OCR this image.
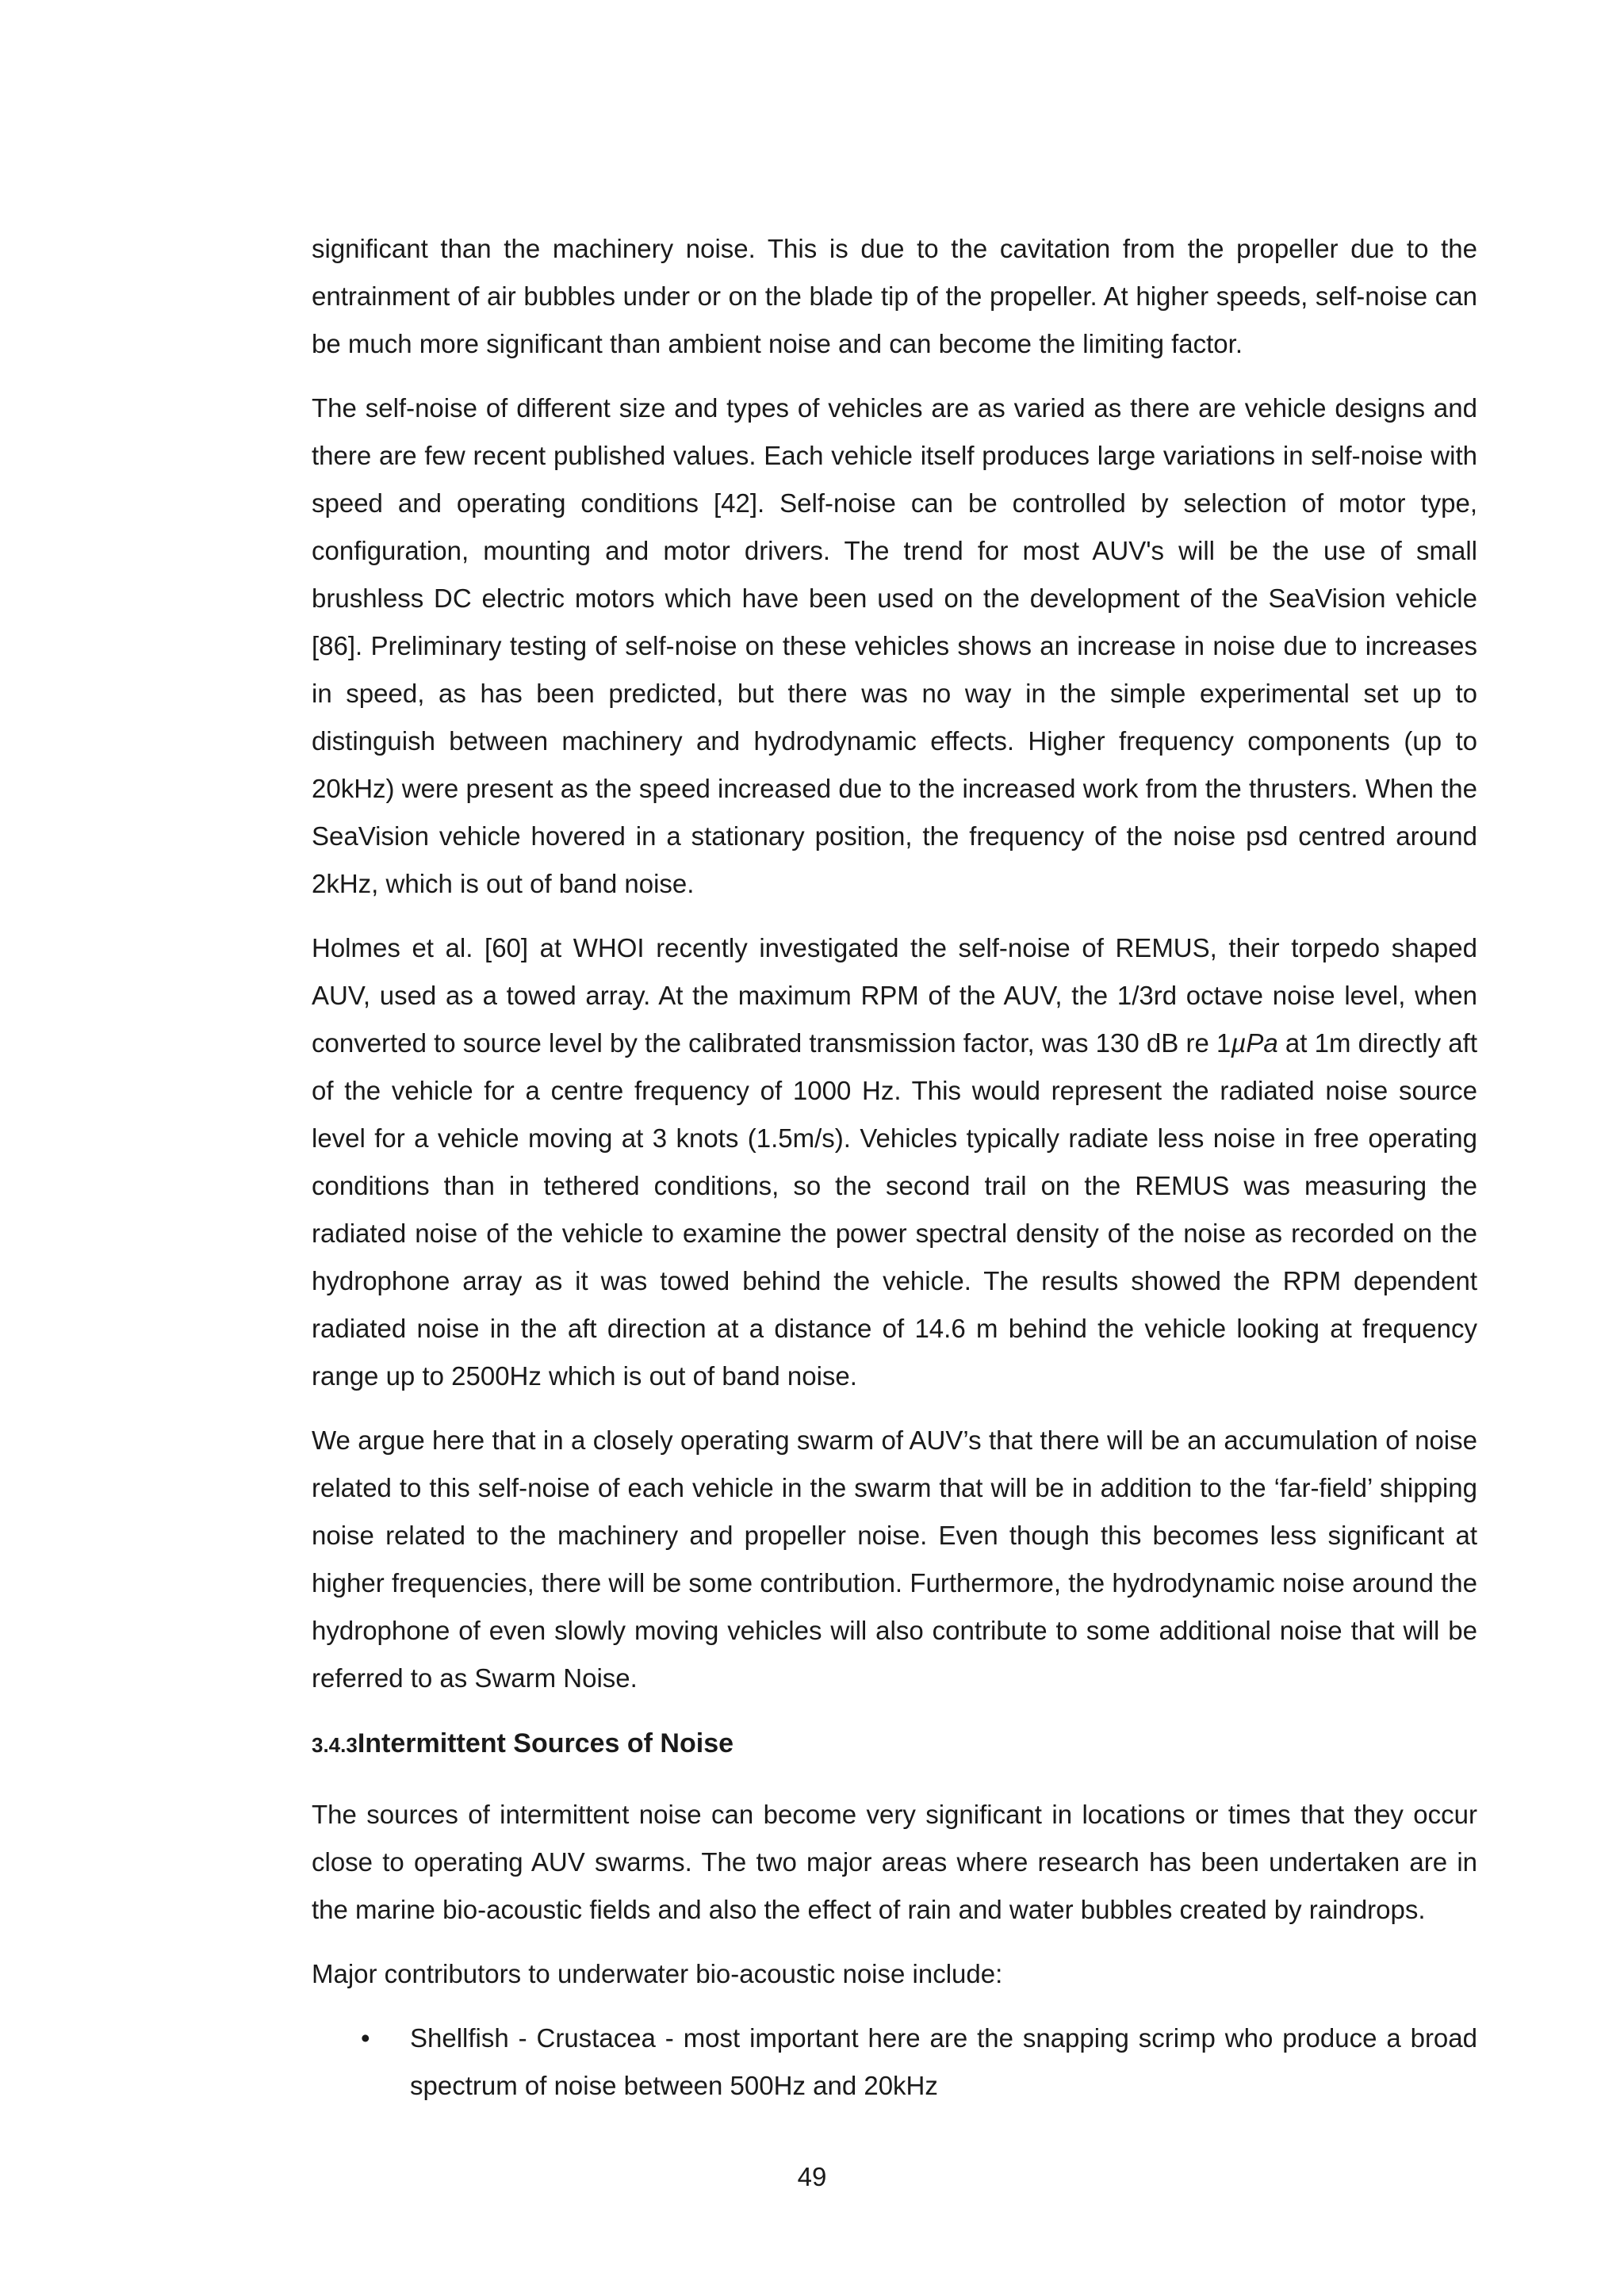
significant than the machinery noise. This is due to the cavitation from the propeller due to the entrainment of air bubbles under or on the blade tip of the propeller. At higher speeds, self-noise can be much more significant than ambient noise and can become the limiting factor.

The self-noise of different size and types of vehicles are as varied as there are vehicle designs and there are few recent published values. Each vehicle itself produces large variations in self-noise with speed and operating conditions [42]. Self-noise can be controlled by selection of motor type, configuration, mounting and motor drivers. The trend for most AUV's will be the use of small brushless DC electric motors which have been used on the development of the SeaVision vehicle [86]. Preliminary testing of self-noise on these vehicles shows an increase in noise due to increases in speed, as has been predicted, but there was no way in the simple experimental set up to distinguish between machinery and hydrodynamic effects. Higher frequency components (up to 20kHz) were present as the speed increased due to the increased work from the thrusters. When the SeaVision vehicle hovered in a stationary position, the frequency of the noise psd centred around 2kHz, which is out of band noise.

Holmes et al. [60] at WHOI recently investigated the self-noise of REMUS, their torpedo shaped AUV, used as a towed array. At the maximum RPM of the AUV, the 1/3rd octave noise level, when converted to source level by the calibrated transmission factor, was 130 dB re 1µPa at 1m directly aft of the vehicle for a centre frequency of 1000 Hz. This would represent the radiated noise source level for a vehicle moving at 3 knots (1.5m/s). Vehicles typically radiate less noise in free operating conditions than in tethered conditions, so the second trail on the REMUS was measuring the radiated noise of the vehicle to examine the power spectral density of the noise as recorded on the hydrophone array as it was towed behind the vehicle. The results showed the RPM dependent radiated noise in the aft direction at a distance of 14.6 m behind the vehicle looking at frequency range up to 2500Hz which is out of band noise.

We argue here that in a closely operating swarm of AUV’s that there will be an accumulation of noise related to this self-noise of each vehicle in the swarm that will be in addition to the ‘far-field’ shipping noise related to the machinery and propeller noise. Even though this becomes less significant at higher frequencies, there will be some contribution. Furthermore, the hydrodynamic noise around the hydrophone of even slowly moving vehicles will also contribute to some additional noise that will be referred to as Swarm Noise.

3.4.3Intermittent Sources of Noise

The sources of intermittent noise can become very significant in locations or times that they occur close to operating AUV swarms. The two major areas where research has been undertaken are in the marine bio-acoustic fields and also the effect of rain and water bubbles created by raindrops.

Major contributors to underwater bio-acoustic noise include:

• Shellfish - Crustacea - most important here are the snapping scrimp who produce a broad spectrum of noise between 500Hz and 20kHz
49
